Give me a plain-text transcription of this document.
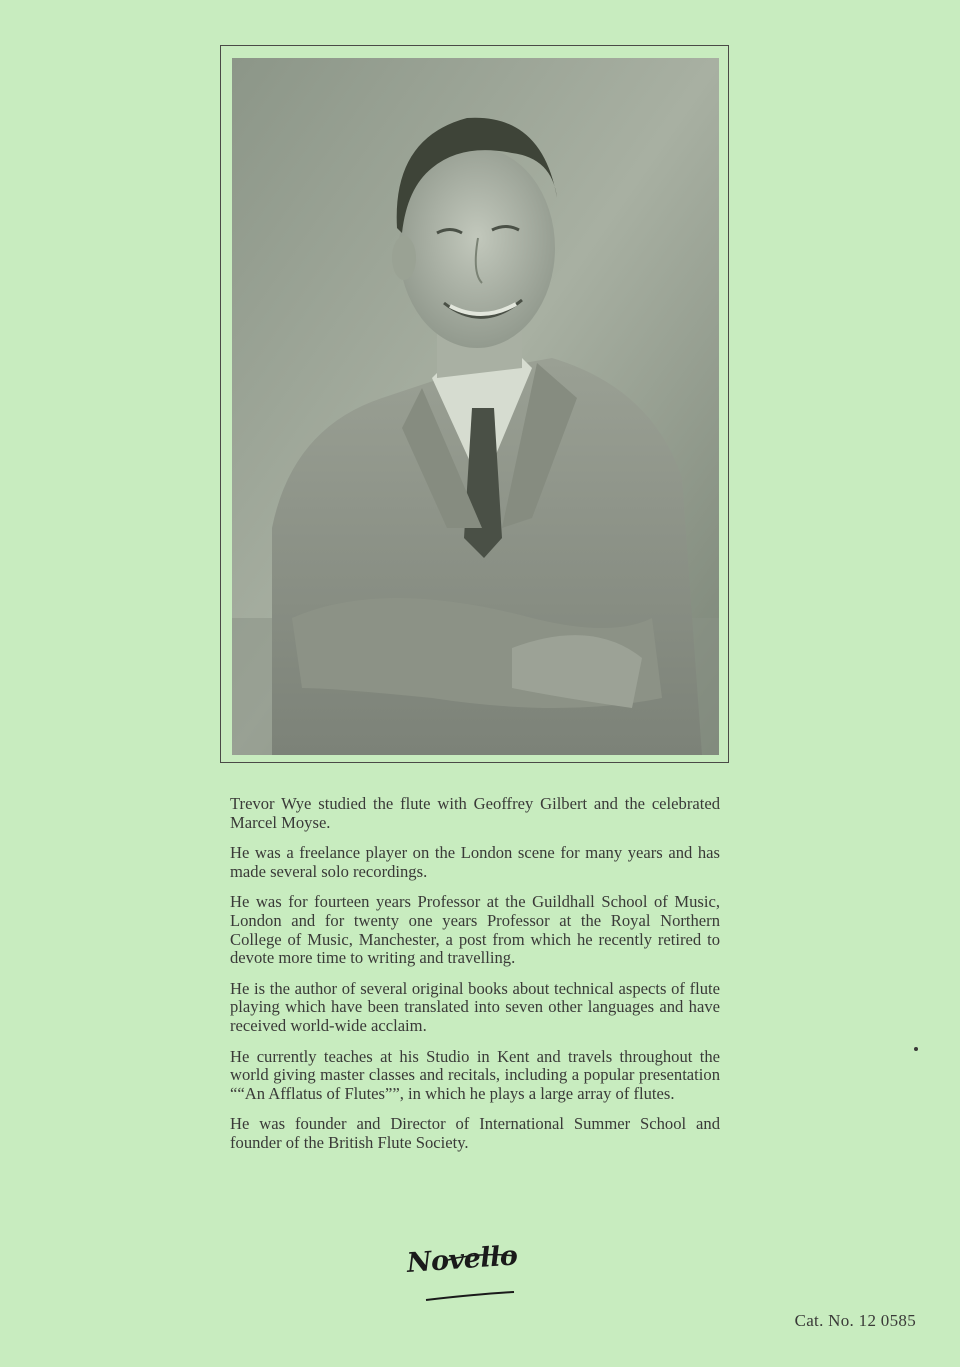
Trevor Wye studied the flute with Geoffrey Gilbert and the celebrated Marcel Moyse.

He was a freelance player on the London scene for many years and has made several solo recordings.

He was for fourteen years Professor at the Guildhall School of Music, London and for twenty one years Professor at the Royal Northern College of Music, Manchester, a post from which he recently retired to devote more time to writing and travelling.

He is the author of several original books about technical aspects of flute playing which have been translated into seven other languages and have received world-wide acclaim.

He currently teaches at his Studio in Kent and travels throughout the world giving master classes and recitals, including a popular presentation ““An Afflatus of Flutes””, in which he plays a large array of flutes.

He was founder and Director of International Summer School and founder of the British Flute Society.

Novello
Cat. No. 12 0585
